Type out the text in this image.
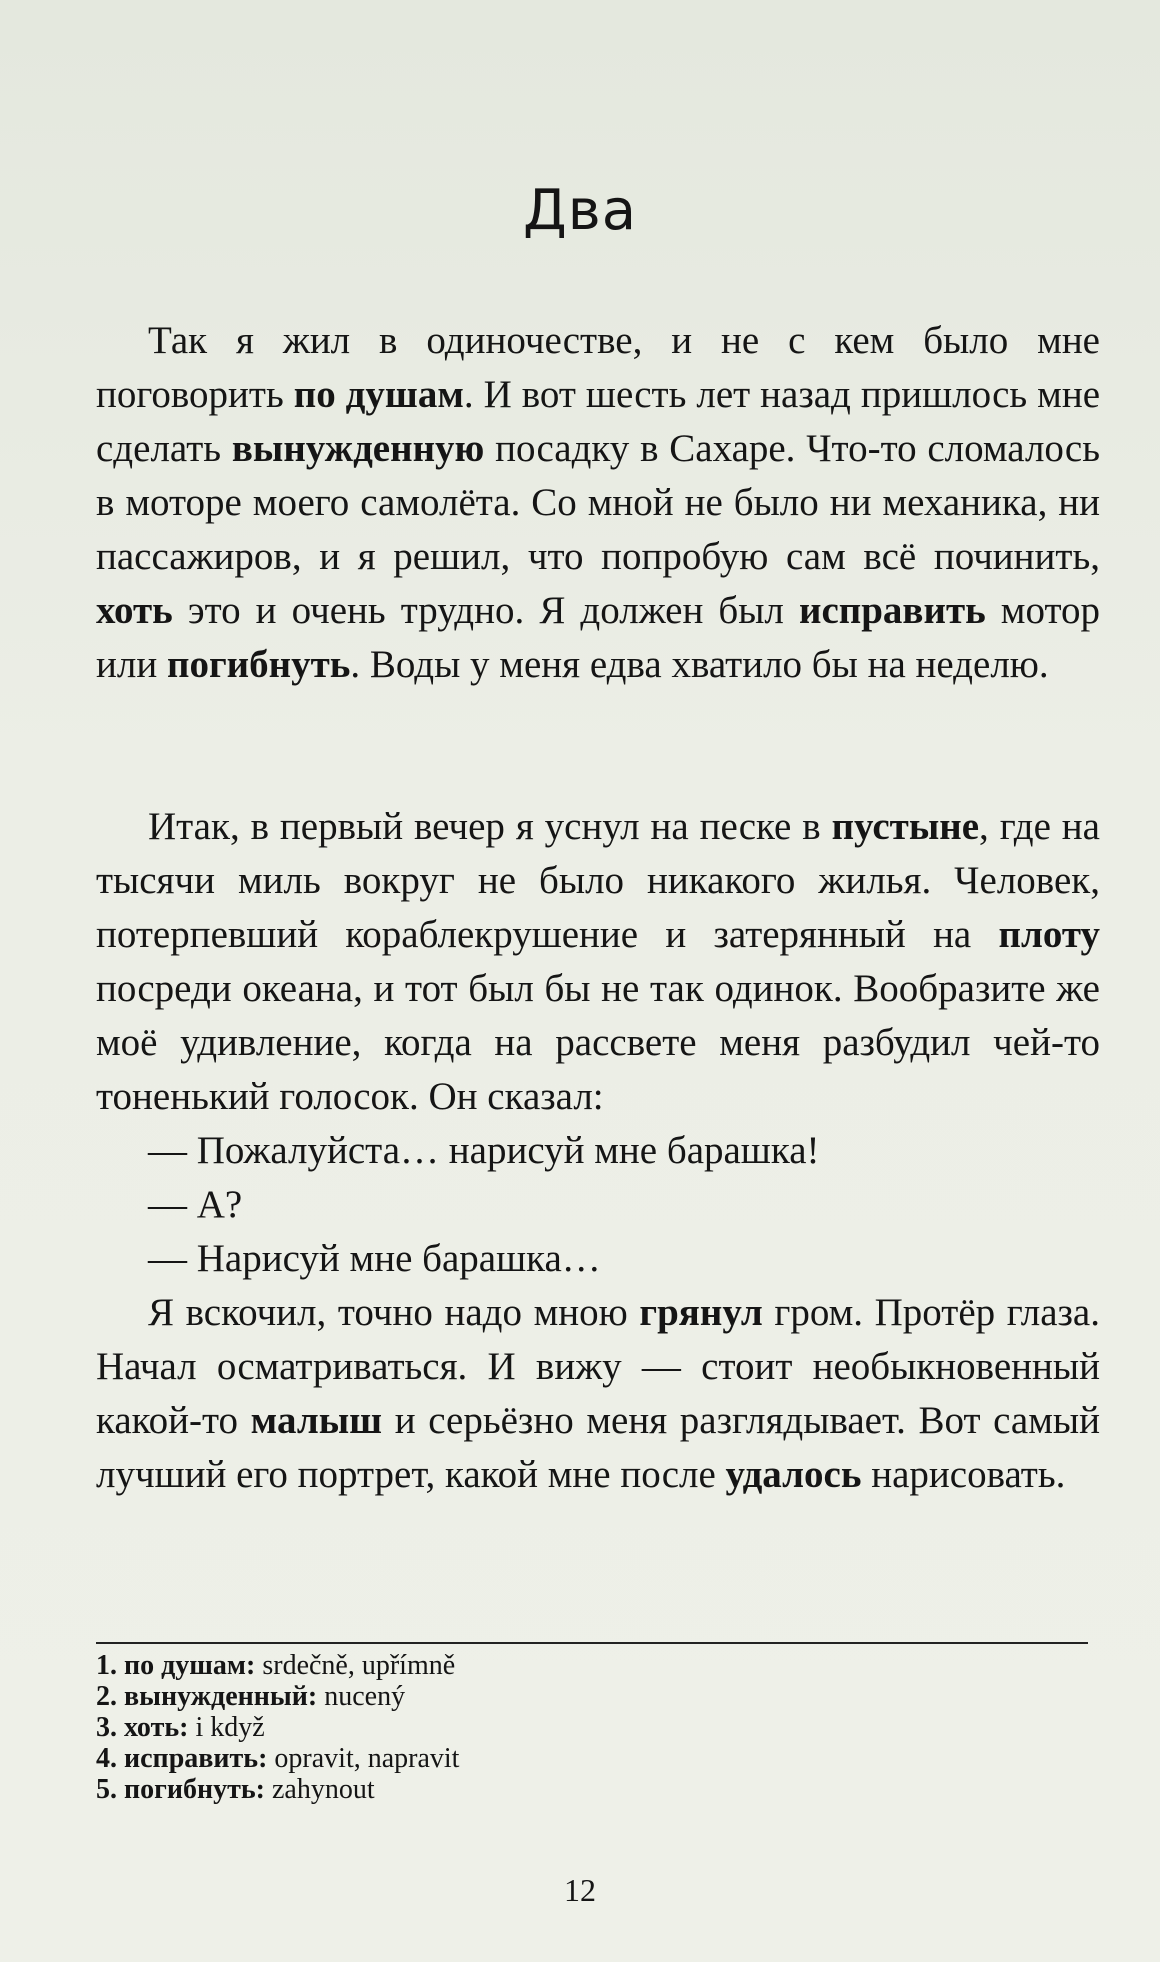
Два

Так я жил в одиночестве, и не с кем было мне поговорить по душам. И вот шесть лет назад пришлось мне сделать вынужденную посадку в Сахаре. Что-то сломалось в моторе моего самолёта. Со мной не было ни механика, ни пассажиров, и я решил, что попробую сам всё починить, хоть это и очень трудно. Я должен был исправить мотор или погибнуть. Воды у меня едва хватило бы на неделю.

Итак, в первый вечер я уснул на песке в пустыне, где на тысячи миль вокруг не было никакого жилья. Человек, потерпевший кораблекрушение и затерянный на плоту посреди океана, и тот был бы не так одинок. Вообразите же моё удивление, когда на рассвете меня разбудил чей-то тоненький голосок. Он сказал:

— Пожалуйста… нарисуй мне барашка!

— А?

— Нарисуй мне барашка…

Я вскочил, точно надо мною грянул гром. Протёр глаза. Начал осматриваться. И вижу — стоит необыкновенный какой-то малыш и серьёзно меня разглядывает. Вот самый лучший его портрет, какой мне после удалось нарисовать.

1. по душам: srdečně, upřímně
2. вынужденный: nucený
3. хоть: i když
4. исправить: opravit, napravit
5. погибнуть: zahynout
12
